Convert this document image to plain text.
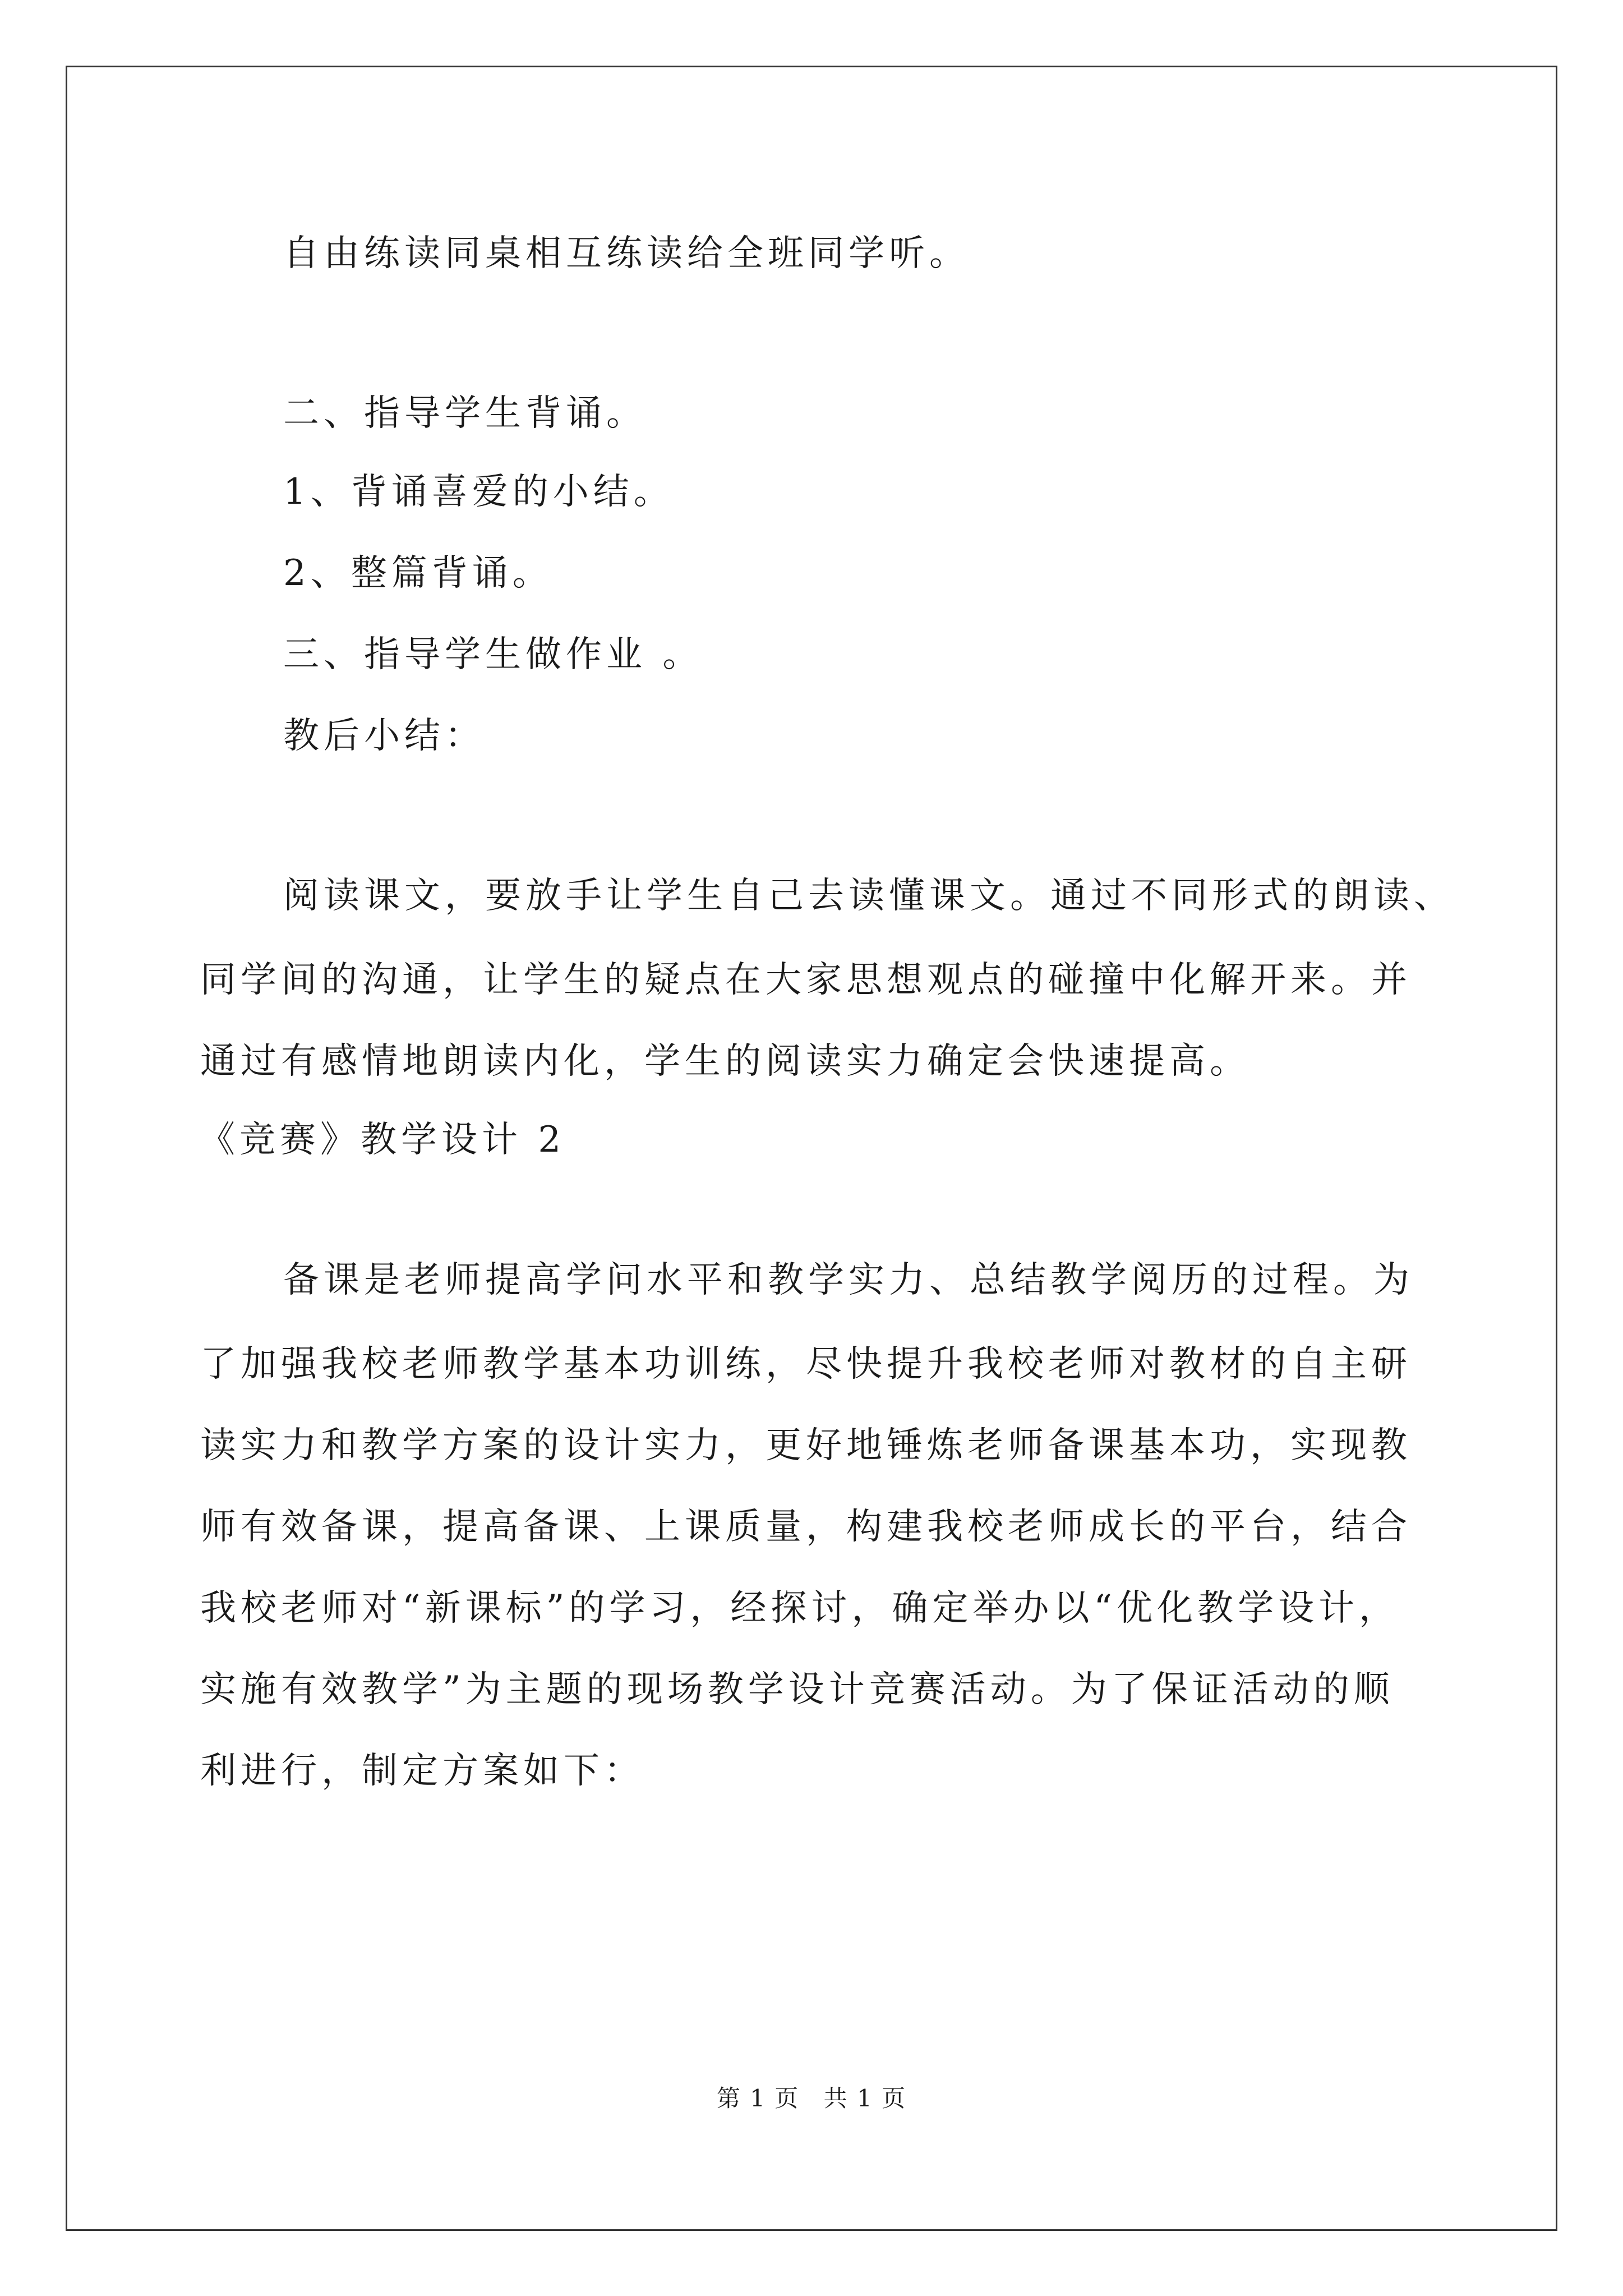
自由练读同桌相互练读给全班同学听。
二、指导学生背诵。
1、背诵喜爱的小结。
2、整篇背诵。
三、指导学生做作业 。
教后小结：
阅读课文，要放手让学生自己去读懂课文。通过不同形式的朗读、
同学间的沟通，让学生的疑点在大家思想观点的碰撞中化解开来。并
通过有感情地朗读内化，学生的阅读实力确定会快速提高。
《竞赛》教学设计 2
备课是老师提高学问水平和教学实力、总结教学阅历的过程。为
了加强我校老师教学基本功训练，尽快提升我校老师对教材的自主研
读实力和教学方案的设计实力，更好地锤炼老师备课基本功，实现教
师有效备课，提高备课、上课质量，构建我校老师成长的平台，结合
我校老师对“新课标”的学习，经探讨，确定举办以“优化教学设计，
实施有效教学”为主题的现场教学设计竞赛活动。为了保证活动的顺
利进行，制定方案如下：
第 1 页 共 1 页
